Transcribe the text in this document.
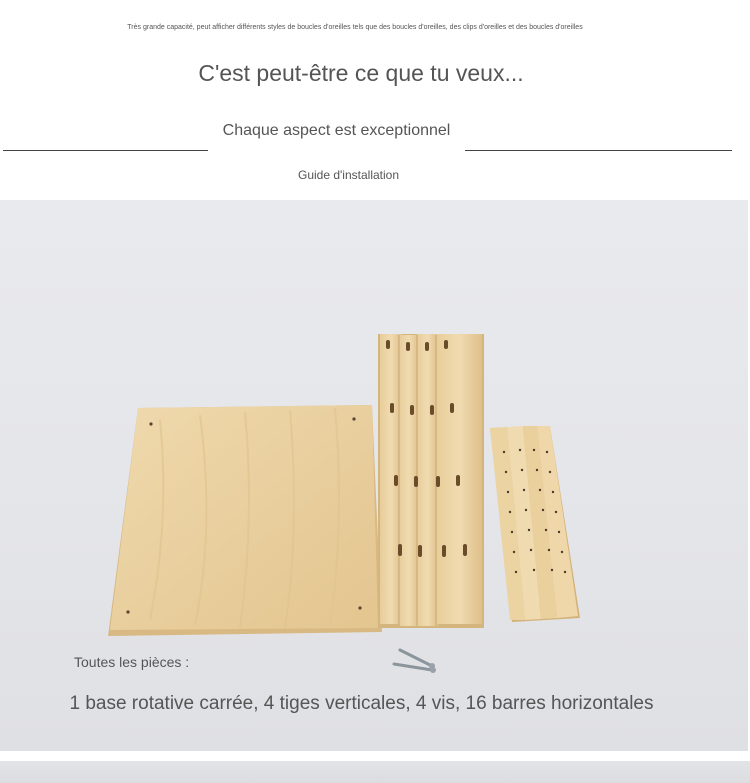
Très grande capacité, peut afficher différents styles de boucles d'oreilles tels que des boucles d'oreilles, des clips d'oreilles et des boucles d'oreilles
C'est peut-être ce que tu veux...
Chaque aspect est exceptionnel
Guide d'installation
Toutes les pièces :
1 base rotative carrée, 4 tiges verticales, 4 vis, 16 barres horizontales
